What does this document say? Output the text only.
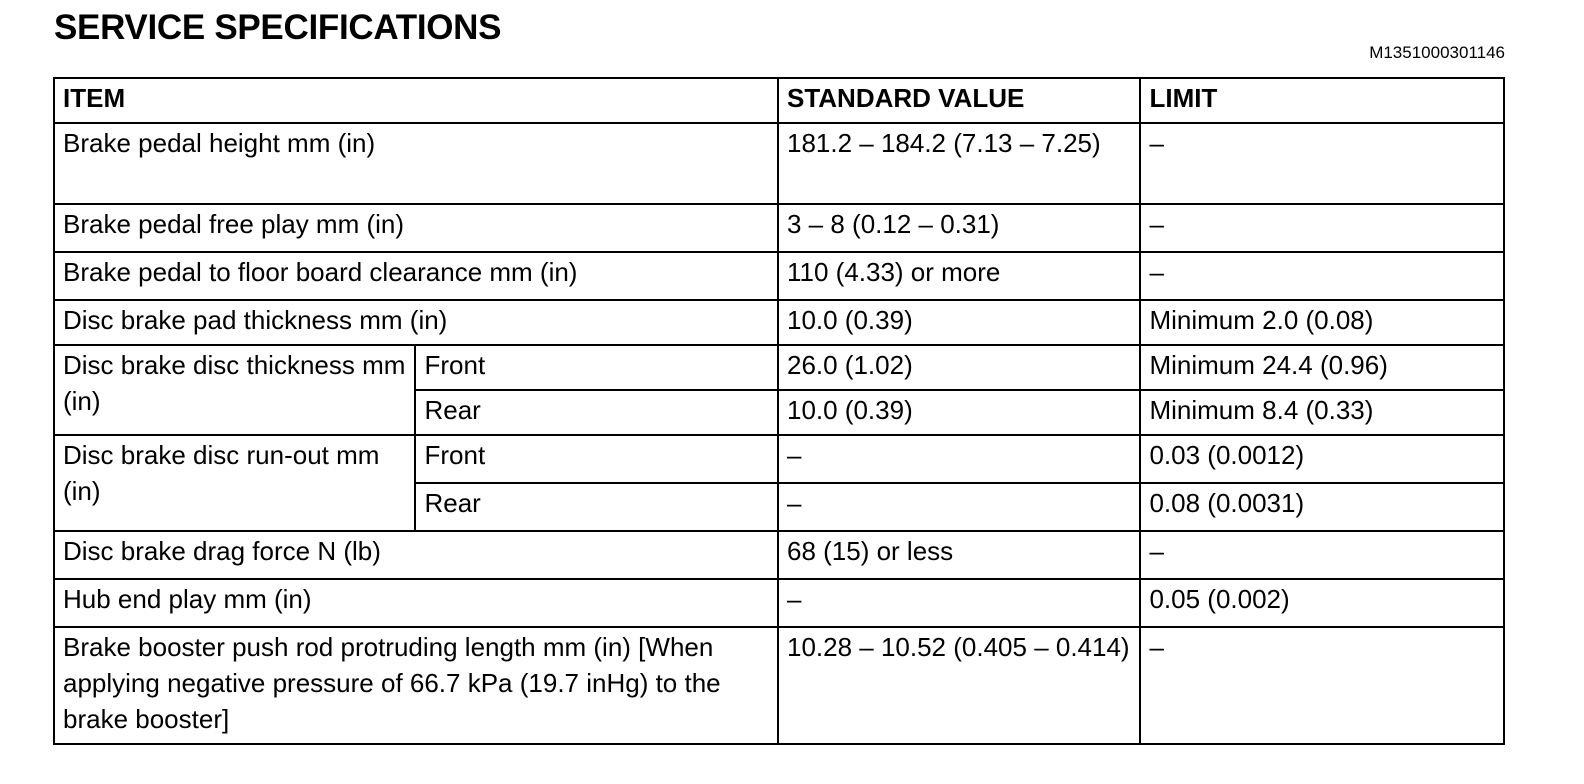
SERVICE SPECIFICATIONS
M1351000301146
ITEM		STANDARD VALUE	LIMIT
Brake pedal height mm (in)		181.2 – 184.2 (7.13 – 7.25)	–
Brake pedal free play mm (in)		3 – 8 (0.12 – 0.31)	–
Brake pedal to floor board clearance mm (in)		110 (4.33) or more	–
Disc brake pad thickness mm (in)		10.0 (0.39)	Minimum 2.0 (0.08)
Disc brake disc thickness mm (in)	Front	26.0 (1.02)	Minimum 24.4 (0.96)
	Rear	10.0 (0.39)	Minimum 8.4 (0.33)
Disc brake disc run-out mm (in)	Front	–	0.03 (0.0012)
	Rear	–	0.08 (0.0031)
Disc brake drag force N (lb)		68 (15) or less	–
Hub end play mm (in)		–	0.05 (0.002)
Brake booster push rod protruding length mm (in) [When applying negative pressure of 66.7 kPa (19.7 inHg) to the brake booster]		10.28 – 10.52 (0.405 – 0.414)	–
